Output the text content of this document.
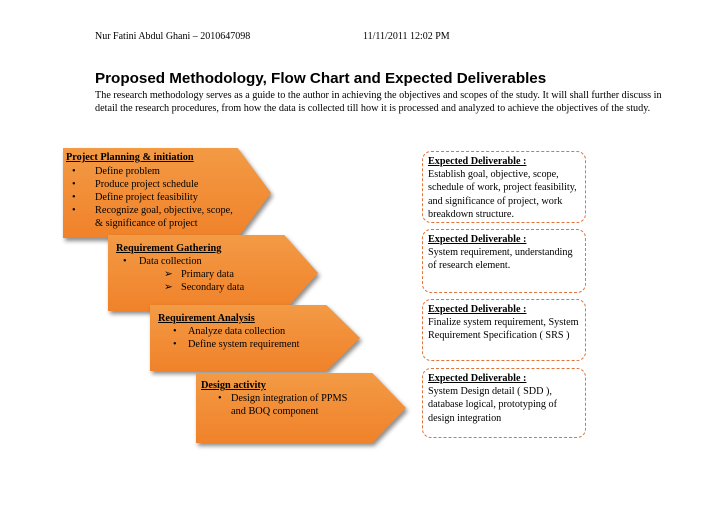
Nur Fatini Abdul Ghani – 2010647098	11/11/2011 12:02 PM
Proposed Methodology, Flow Chart and Expected Deliverables
The research methodology serves as a guide to the author in achieving the objectives and scopes of the study. It will shall further discuss in detail the research procedures, from how the data is collected till how it is processed and analyzed to achieve the objectives of the study.
Project Planning & initiation
• Define problem
• Produce project schedule
• Define project feasibility
• Recognize goal, objective, scope,
& significance of project
Requirement Gathering
• Data collection
➢ Primary data
➢ Secondary data
Requirement Analysis
• Analyze data collection
• Define system requirement
Design activity
• Design integration of PPMS
and BOQ component
Expected Deliverable :
Establish goal, objective, scope, schedule of work, project feasibility, and significance of project, work breakdown structure.
Expected Deliverable :
System requirement, understanding of research element.
Expected Deliverable :
Finalize system requirement, System Requirement Specification ( SRS )
Expected Deliverable :
System Design detail ( SDD ), database logical, prototyping of design integration
